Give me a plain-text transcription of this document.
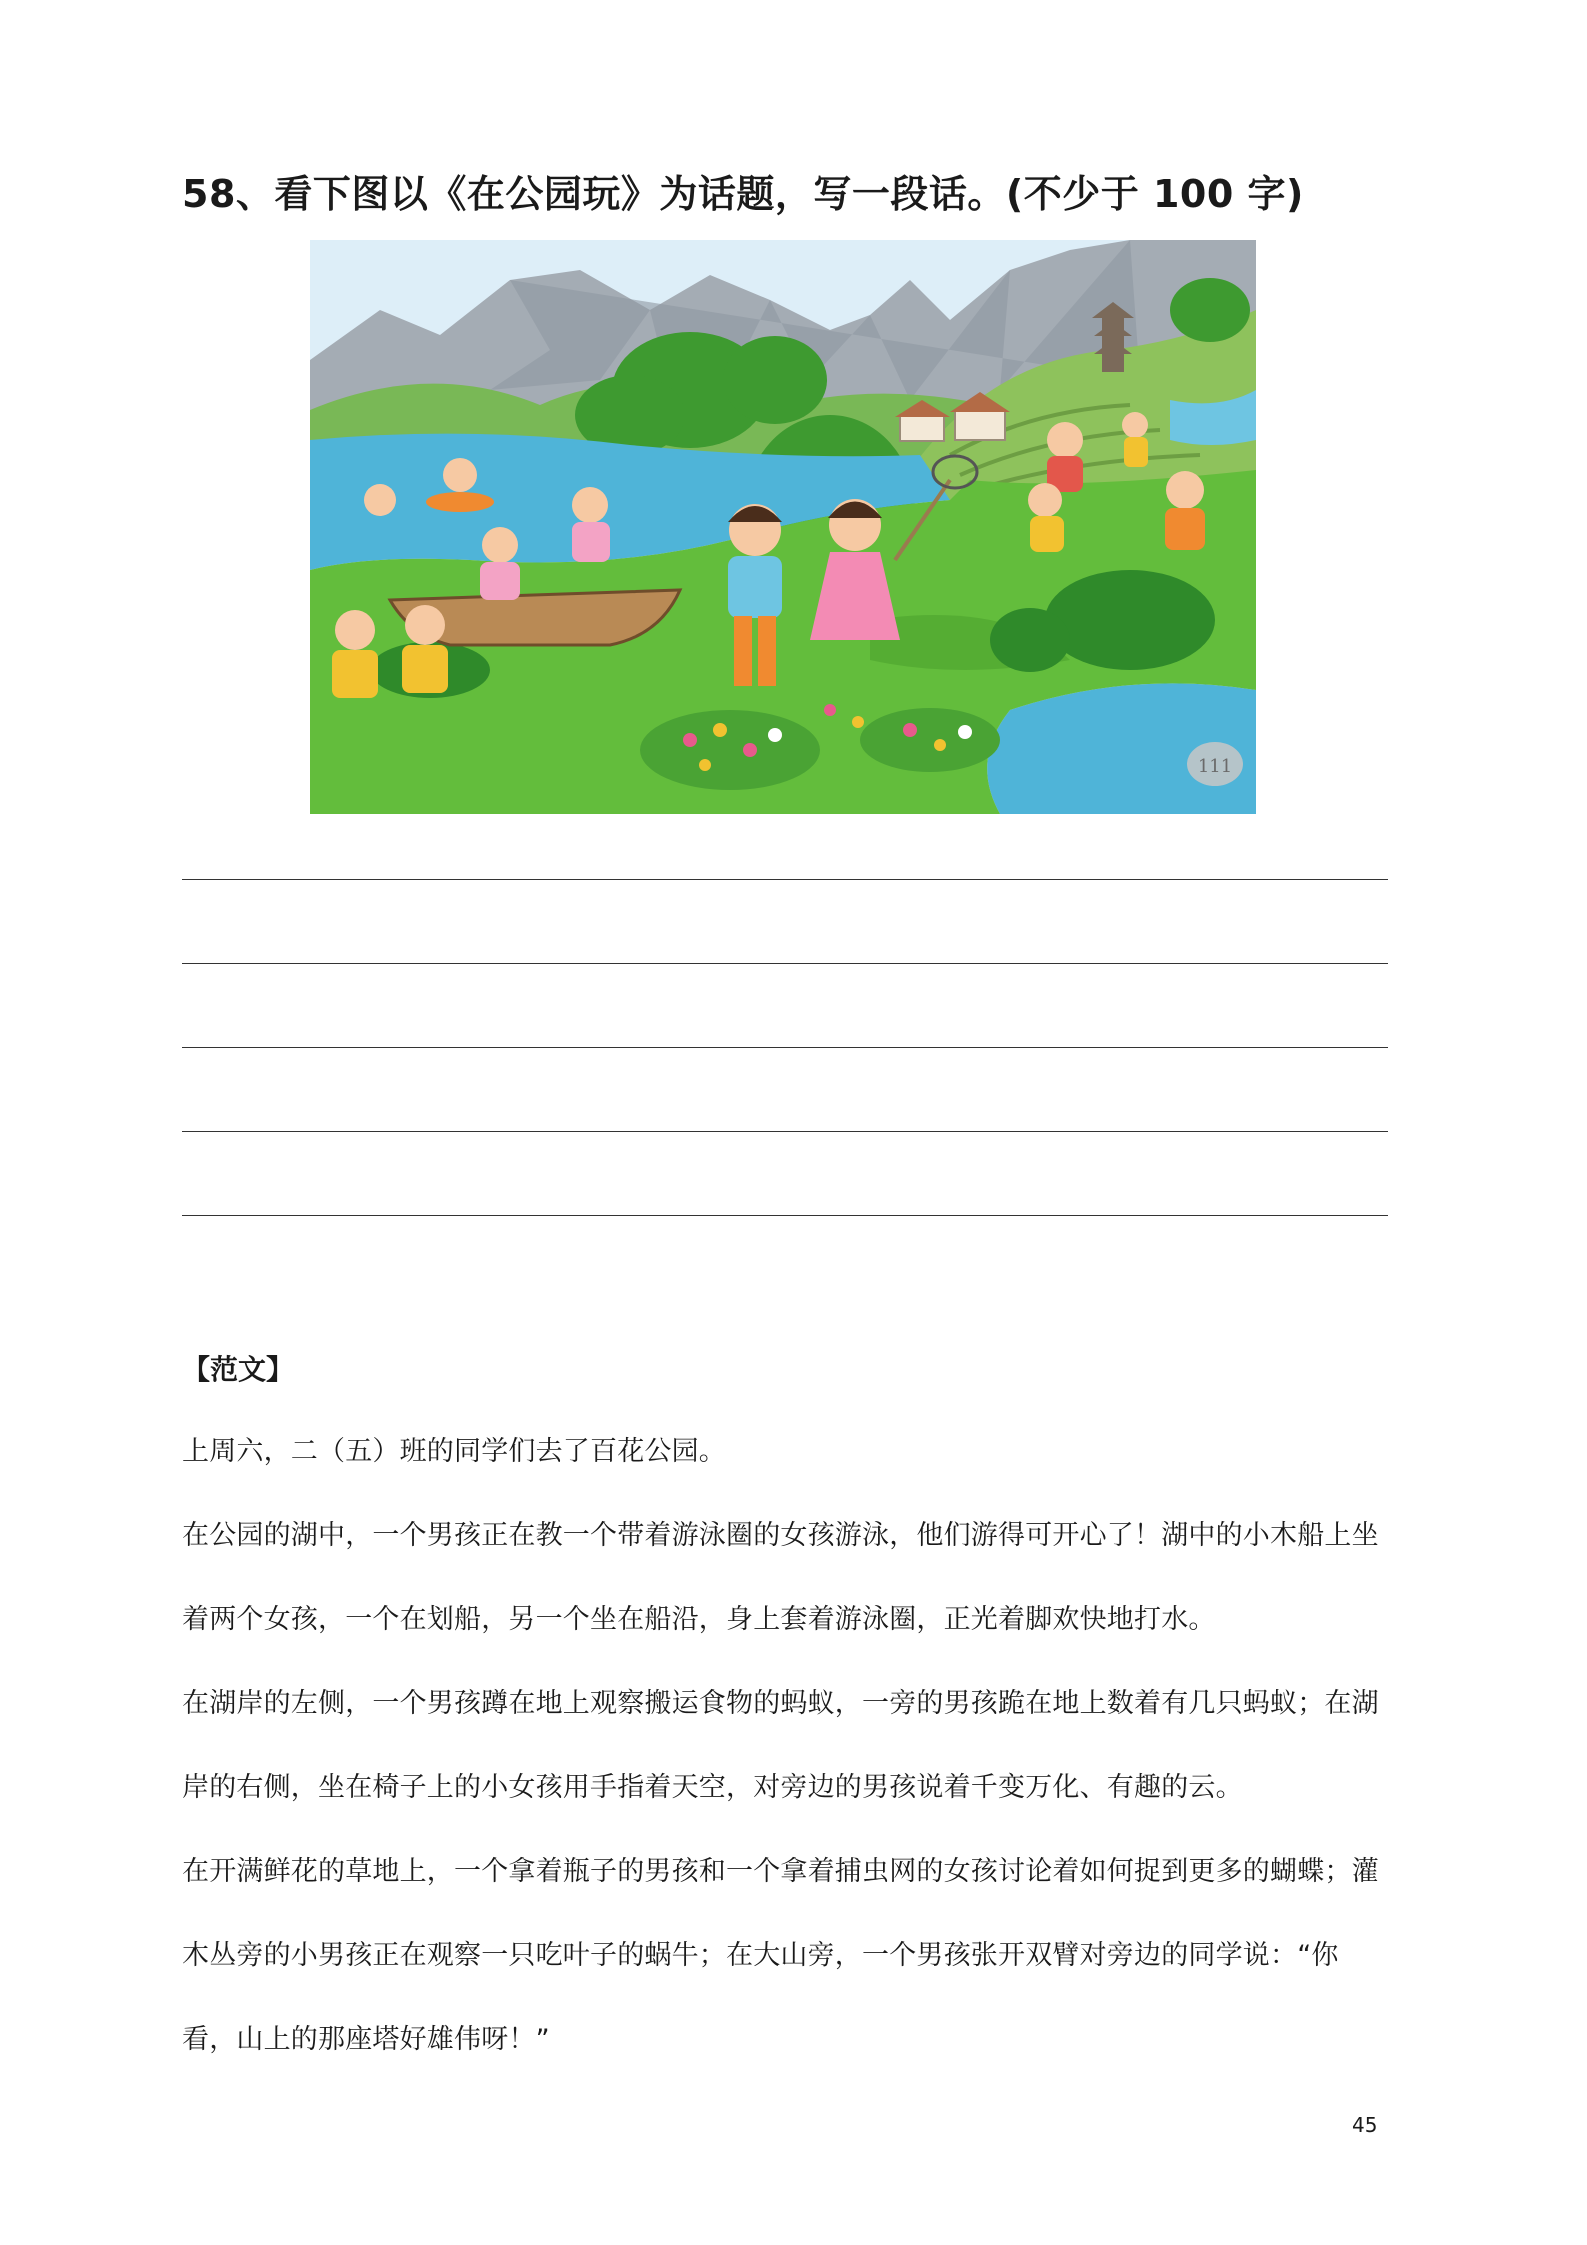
58、看下图以《在公园玩》为话题，写一段话。(不少于 100 字)
111
【范文】

上周六，二（五）班的同学们去了百花公园。

在公园的湖中，一个男孩正在教一个带着游泳圈的女孩游泳，他们游得可开心了！湖中的小木船上坐着两个女孩，一个在划船，另一个坐在船沿，身上套着游泳圈，正光着脚欢快地打水。

在湖岸的左侧，一个男孩蹲在地上观察搬运食物的蚂蚁，一旁的男孩跪在地上数着有几只蚂蚁；在湖岸的右侧，坐在椅子上的小女孩用手指着天空，对旁边的男孩说着千变万化、有趣的云。

在开满鲜花的草地上，一个拿着瓶子的男孩和一个拿着捕虫网的女孩讨论着如何捉到更多的蝴蝶；灌木丛旁的小男孩正在观察一只吃叶子的蜗牛；在大山旁，一个男孩张开双臂对旁边的同学说：“你看，山上的那座塔好雄伟呀！”

45
